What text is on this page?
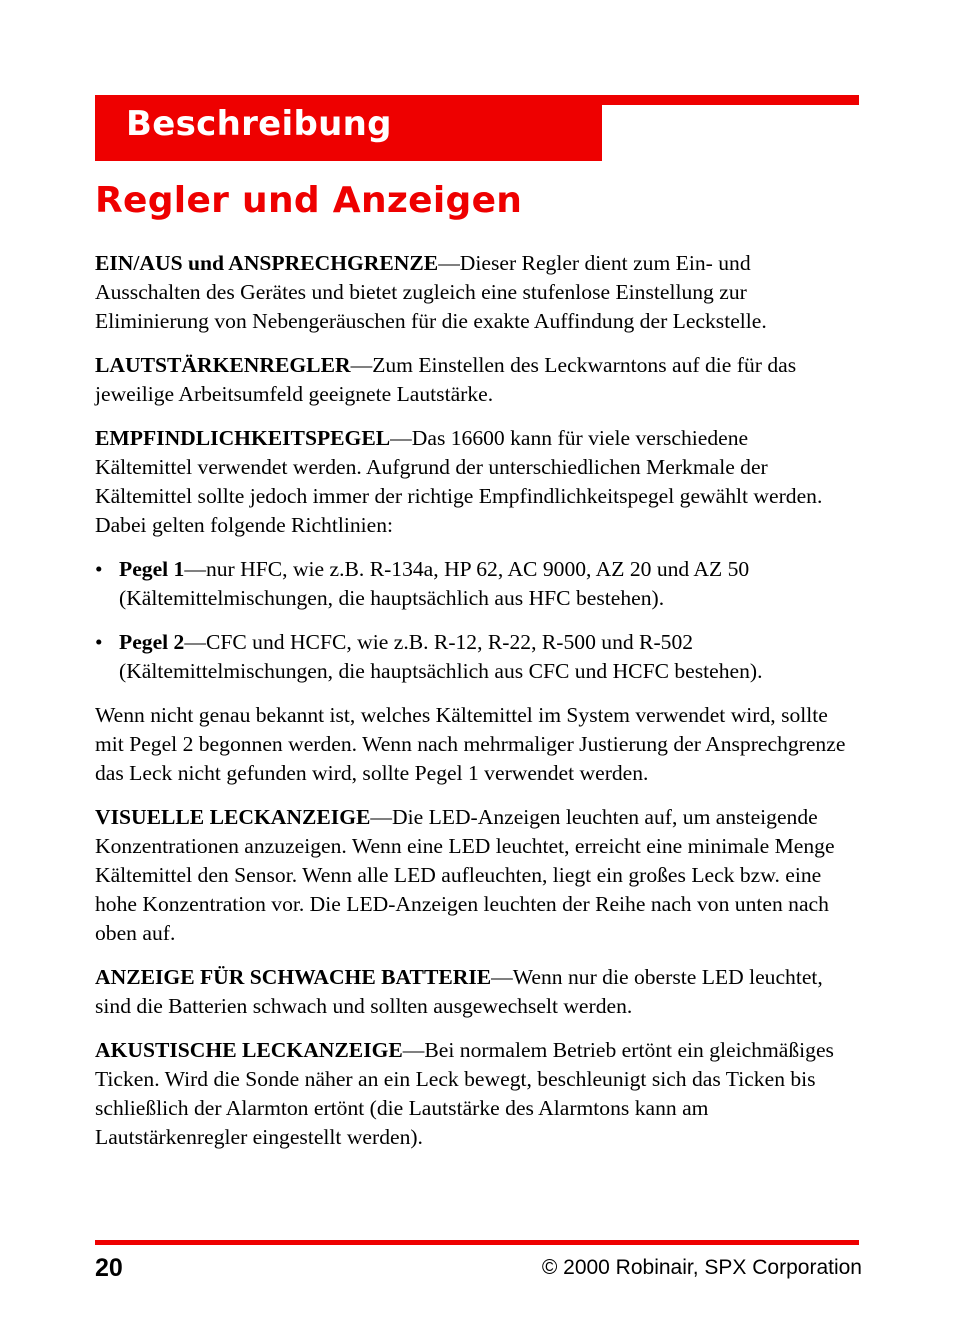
Beschreibung
Regler und Anzeigen

EIN/AUS und ANSPRECHGRENZE—Dieser Regler dient zum Ein- und Ausschalten des Gerätes und bietet zugleich eine stufenlose Einstellung zur Eliminierung von Nebengeräuschen für die exakte Auffindung der Leckstelle.

LAUTSTÄRKENREGLER—Zum Einstellen des Leckwarntons auf die für das jeweilige Arbeitsumfeld geeignete Lautstärke.

EMPFINDLICHKEITSPEGEL—Das 16600 kann für viele verschiedene Kältemittel verwendet werden. Aufgrund der unterschiedlichen Merkmale der Kältemittel sollte jedoch immer der richtige Empfindlichkeitspegel gewählt werden. Dabei gelten folgende Richtlinien:

• Pegel 1—nur HFC, wie z.B. R-134a, HP 62, AC 9000, AZ 20 und AZ 50 (Kältemittelmischungen, die hauptsächlich aus HFC bestehen).
• Pegel 2—CFC und HCFC, wie z.B. R-12, R-22, R-500 und R-502 (Kältemittelmischungen, die hauptsächlich aus CFC und HCFC bestehen).

Wenn nicht genau bekannt ist, welches Kältemittel im System verwendet wird, sollte mit Pegel 2 begonnen werden. Wenn nach mehrmaliger Justierung der Ansprechgrenze das Leck nicht gefunden wird, sollte Pegel 1 verwendet werden.

VISUELLE LECKANZEIGE—Die LED-Anzeigen leuchten auf, um ansteigende Konzentrationen anzuzeigen. Wenn eine LED leuchtet, erreicht eine minimale Menge Kältemittel den Sensor. Wenn alle LED aufleuchten, liegt ein großes Leck bzw. eine hohe Konzentration vor. Die LED-Anzeigen leuchten der Reihe nach von unten nach oben auf.

ANZEIGE FÜR SCHWACHE BATTERIE—Wenn nur die oberste LED leuchtet, sind die Batterien schwach und sollten ausgewechselt werden.

AKUSTISCHE LECKANZEIGE—Bei normalem Betrieb ertönt ein gleichmäßiges Ticken. Wird die Sonde näher an ein Leck bewegt, beschleunigt sich das Ticken bis schließlich der Alarmton ertönt (die Lautstärke des Alarmtons kann am Lautstärkenregler eingestellt werden).

20	© 2000 Robinair, SPX Corporation
